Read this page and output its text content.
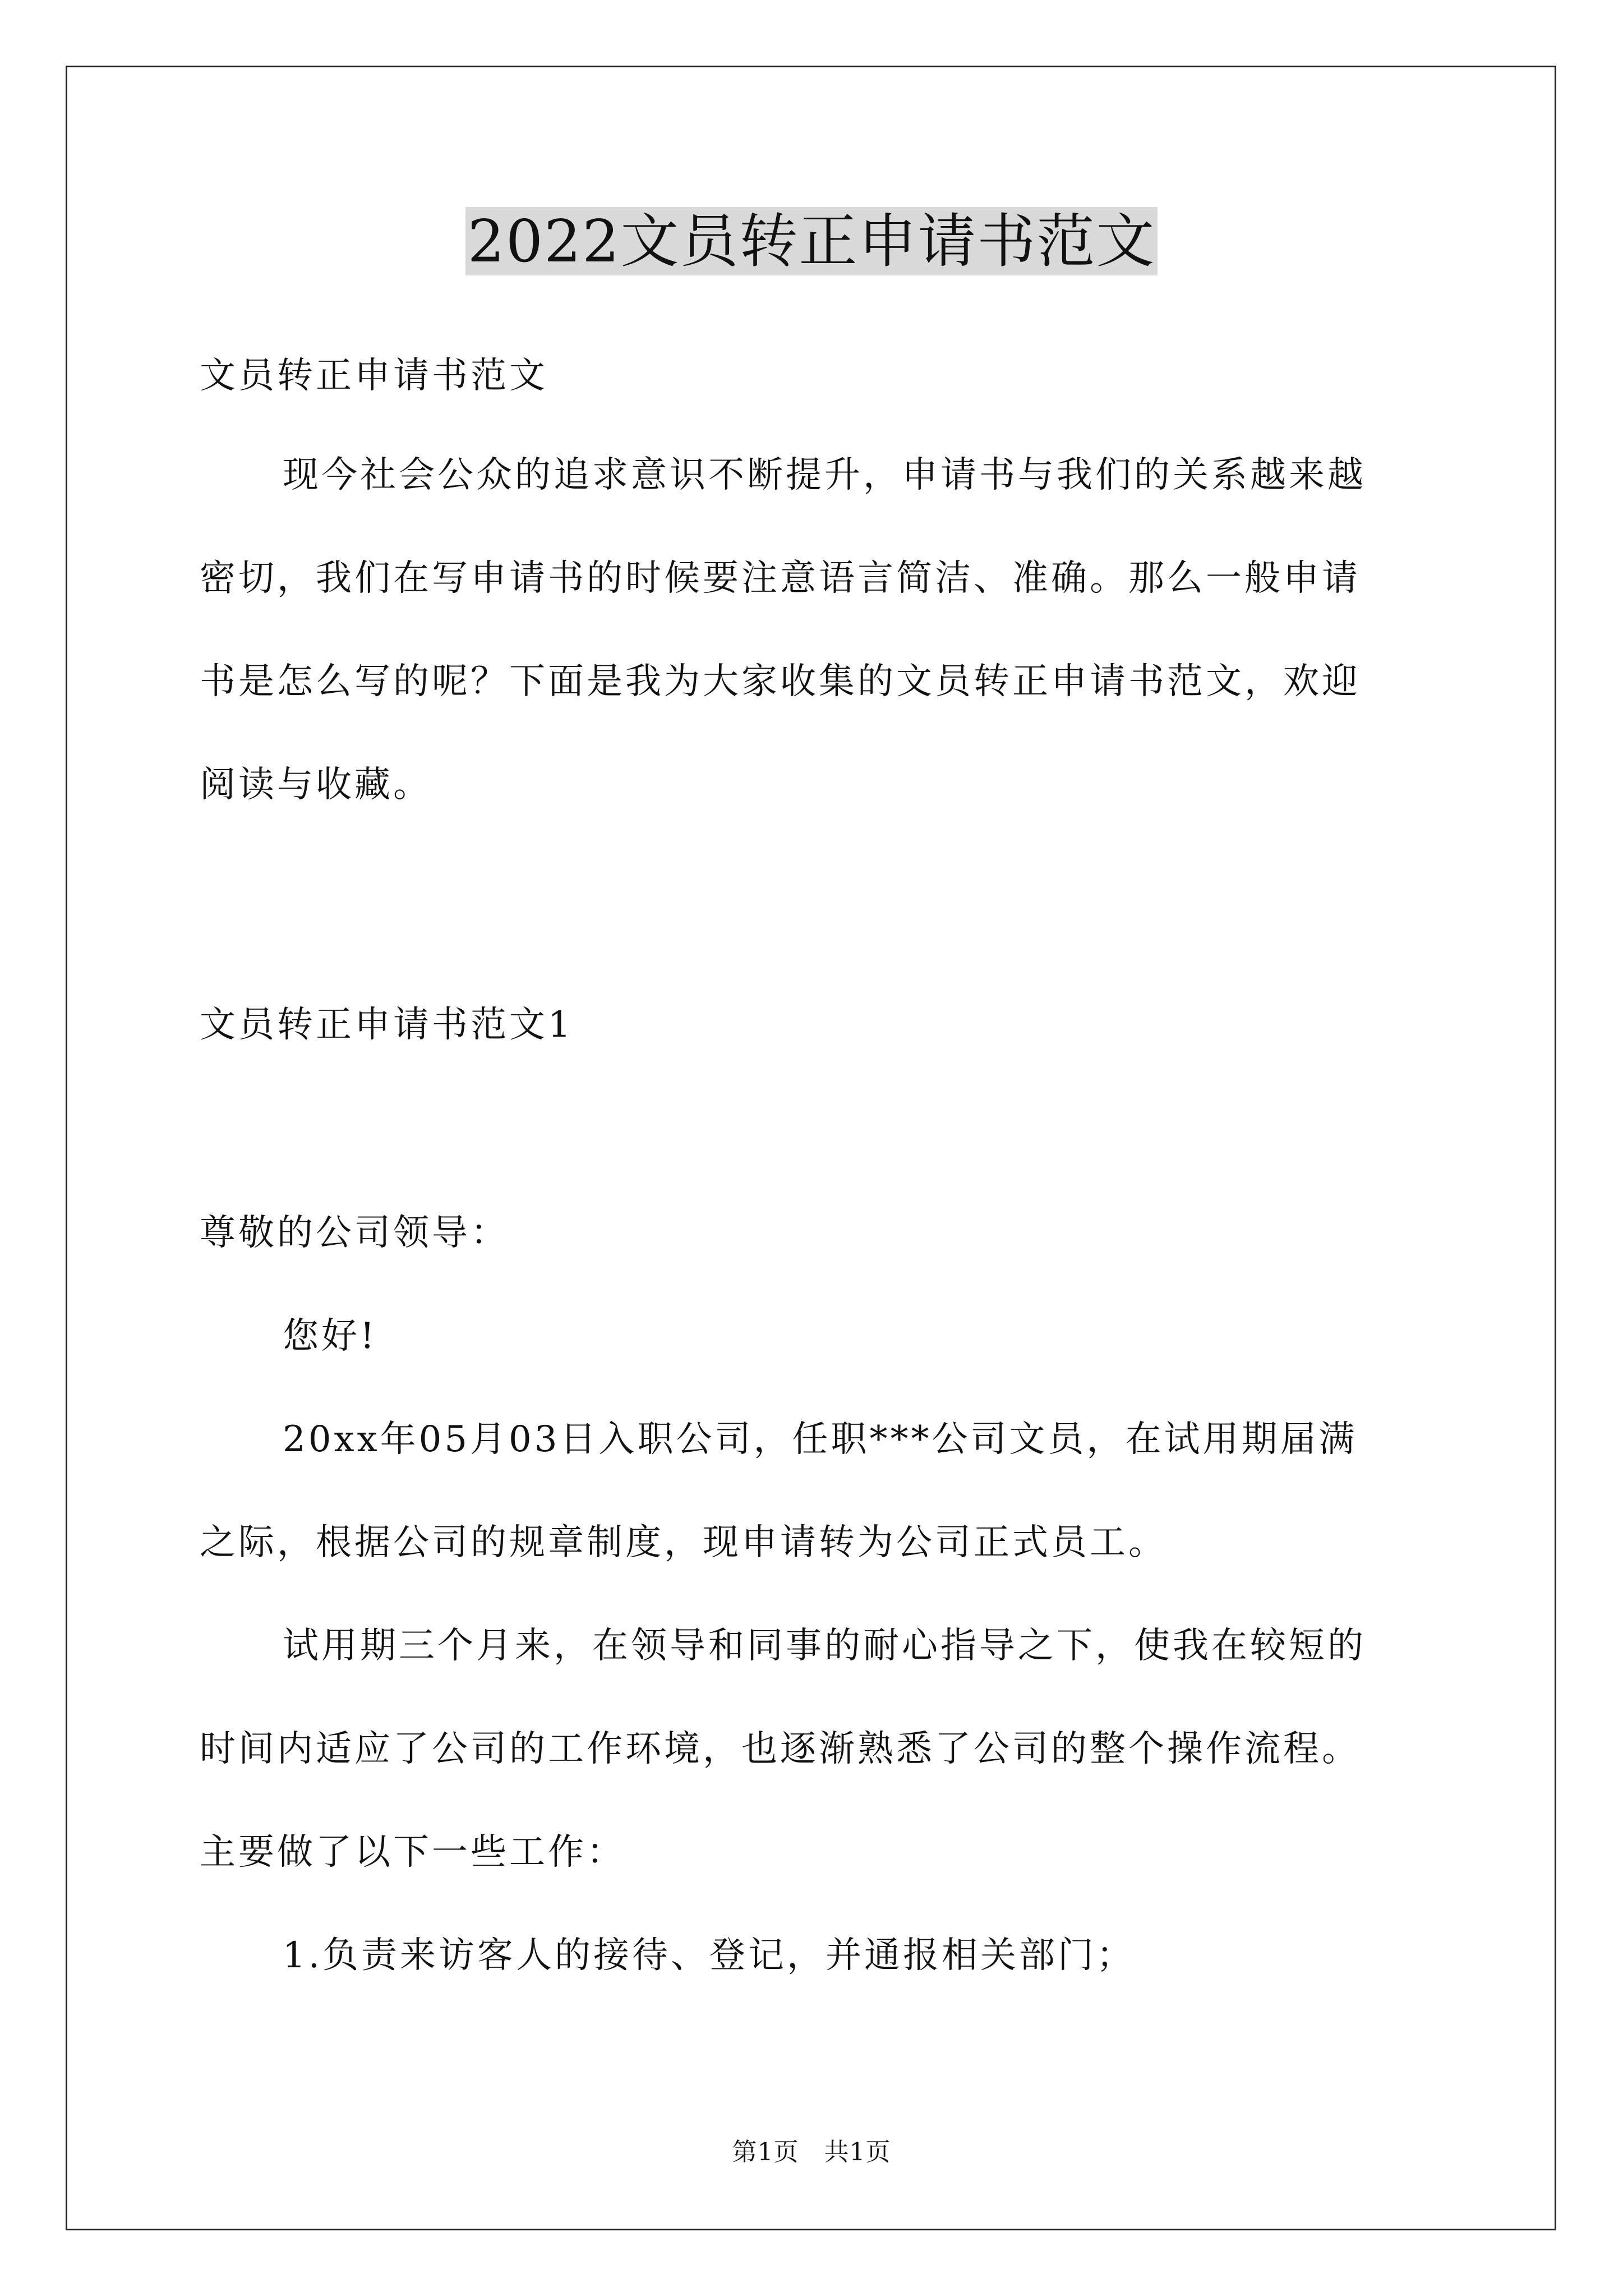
2022文员转正申请书范文
文员转正申请书范文
现今社会公众的追求意识不断提升，申请书与我们的关系越来越
密切，我们在写申请书的时候要注意语言简洁、准确。那么一般申请
书是怎么写的呢？下面是我为大家收集的文员转正申请书范文，欢迎
阅读与收藏。
文员转正申请书范文1
尊敬的公司领导：
您好!
20xx年05月03日入职公司，任职***公司文员，在试用期届满
之际，根据公司的规章制度，现申请转为公司正式员工。
试用期三个月来，在领导和同事的耐心指导之下，使我在较短的
时间内适应了公司的工作环境，也逐渐熟悉了公司的整个操作流程。
主要做了以下一些工作：
1.负责来访客人的接待、登记，并通报相关部门；
第1页　共1页
